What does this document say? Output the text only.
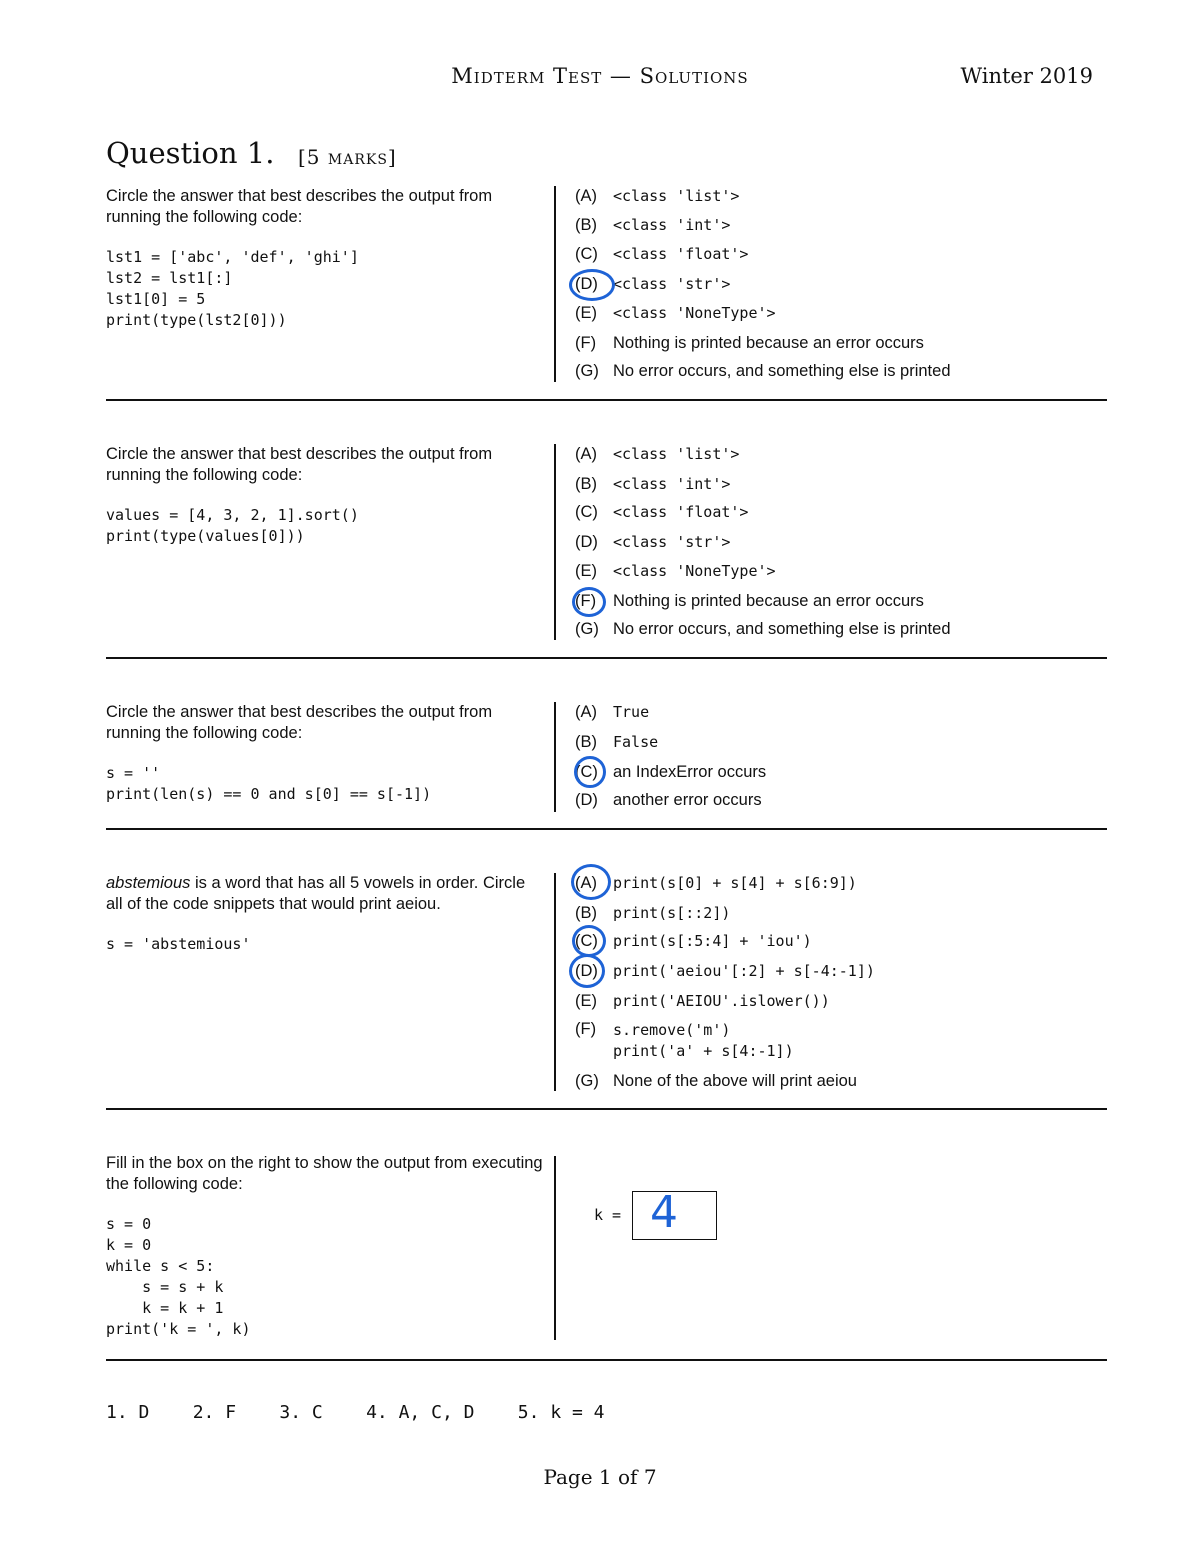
Midterm Test — Solutions	Winter 2019
Question 1. [5 marks]
Circle the answer that best describes the output from running the following code:
lst1 = ['abc', 'def', 'ghi']
lst2 = lst1[:]
lst1[0] = 5
print(type(lst2[0]))
(A) <class 'list'>
(B) <class 'int'>
(C) <class 'float'>
(D) <class 'str'>
(E) <class 'NoneType'>
(F) Nothing is printed because an error occurs
(G) No error occurs, and something else is printed
Circle the answer that best describes the output from running the following code:
values = [4, 3, 2, 1].sort()
print(type(values[0]))
(A) <class 'list'>
(B) <class 'int'>
(C) <class 'float'>
(D) <class 'str'>
(E) <class 'NoneType'>
(F) Nothing is printed because an error occurs
(G) No error occurs, and something else is printed
Circle the answer that best describes the output from running the following code:
s = ''
print(len(s) == 0 and s[0] == s[-1])
(A) True
(B) False
(C) an IndexError occurs
(D) another error occurs
abstemious is a word that has all 5 vowels in order. Circle all of the code snippets that would print aeiou.
s = 'abstemious'
(A) print(s[0] + s[4] + s[6:9])
(B) print(s[::2])
(C) print(s[:5:4] + 'iou')
(D) print('aeiou'[:2] + s[-4:-1])
(E) print('AEIOU'.islower())
(F)	s.remove('m')
print('a' + s[4:-1])
(G) None of the above will print aeiou
Fill in the box on the right to show the output from executing the following code:
s = 0
k = 0
while s < 5:
s = s + k
k = k + 1
print('k = ', k)
k = 4
1. D    2. F    3. C    4. A, C, D    5. k = 4
Page 1 of 7
